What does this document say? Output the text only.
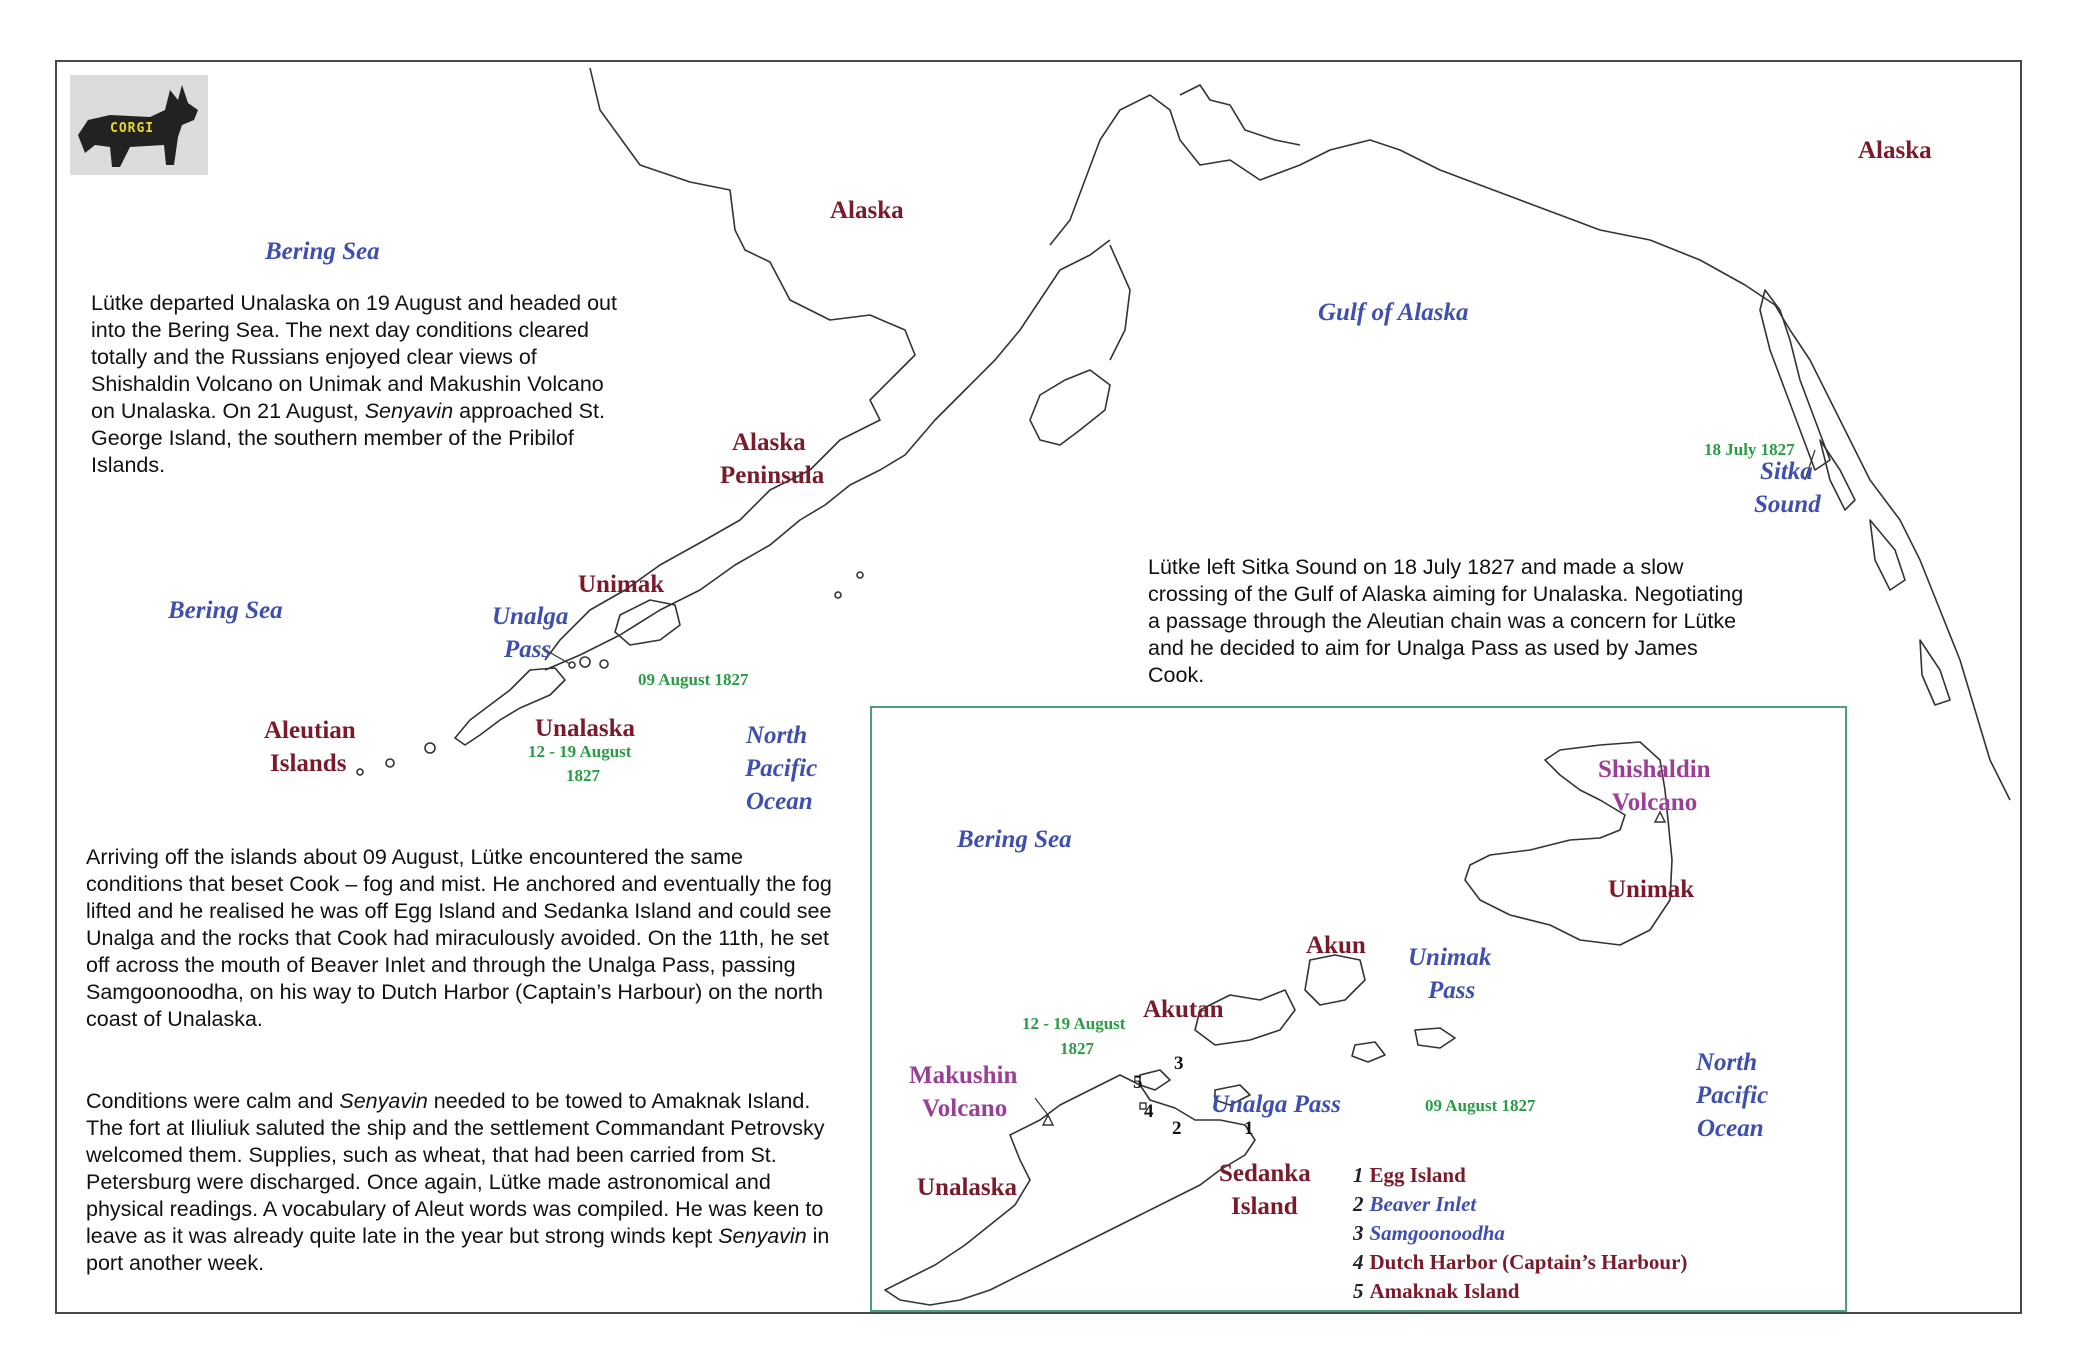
CORGI
Bering Sea
Alaska
Alaska
Gulf of Alaska
Alaska
Peninsula
Bering Sea
Unimak
Unalga
Pass
09 August 1827
Aleutian
Islands
Unalaska
12 - 19 August
1827
North
Pacific
Ocean
18 July 1827
Sitka
Sound

Lütke departed Unalaska on 19 August and headed out into the Bering Sea. The next day conditions cleared totally and the Russians enjoyed clear views of Shishaldin Volcano on Unimak and Makushin Volcano on Unalaska. On 21 August, Senyavin approached St. George Island, the southern member of the Pribilof Islands.

Lütke left Sitka Sound on 18 July 1827 and made a slow crossing of the Gulf of Alaska aiming for Unalaska. Negotiating a passage through the Aleutian chain was a concern for Lütke and he decided to aim for Unalga Pass as used by James Cook.

Arriving off the islands about 09 August, Lütke encountered the same conditions that beset Cook – fog and mist. He anchored and eventually the fog lifted and he realised he was off Egg Island and Sedanka Island and could see Unalga and the rocks that Cook had miraculously avoided. On the 11th, he set off across the mouth of Beaver Inlet and through the Unalga Pass, passing Samgoonoodha, on his way to Dutch Harbor (Captain’s Harbour) on the north coast of Unalaska.

Conditions were calm and Senyavin needed to be towed to Amaknak Island. The fort at Iliuliuk saluted the ship and the settlement Commandant Petrovsky welcomed them. Supplies, such as wheat, that had been carried from St. Petersburg were discharged. Once again, Lütke made astronomical and physical readings. A vocabulary of Aleut words was compiled. He was keen to leave as it was already quite late in the year but strong winds kept Senyavin in port another week.

Bering Sea
Shishaldin
Volcano
Unimak
Akun Unimak
Pass
Akutan
12 - 19 August
1827
Makushin
Volcano	Unalga Pass	09 August 1827
North
Pacific
Ocean
Unalaska
Sedanka
Island
1
2
3
4
5
1 Egg Island
2 Beaver Inlet
3 Samgoonoodha
4 Dutch Harbor (Captain’s Harbour)
5 Amaknak Island
